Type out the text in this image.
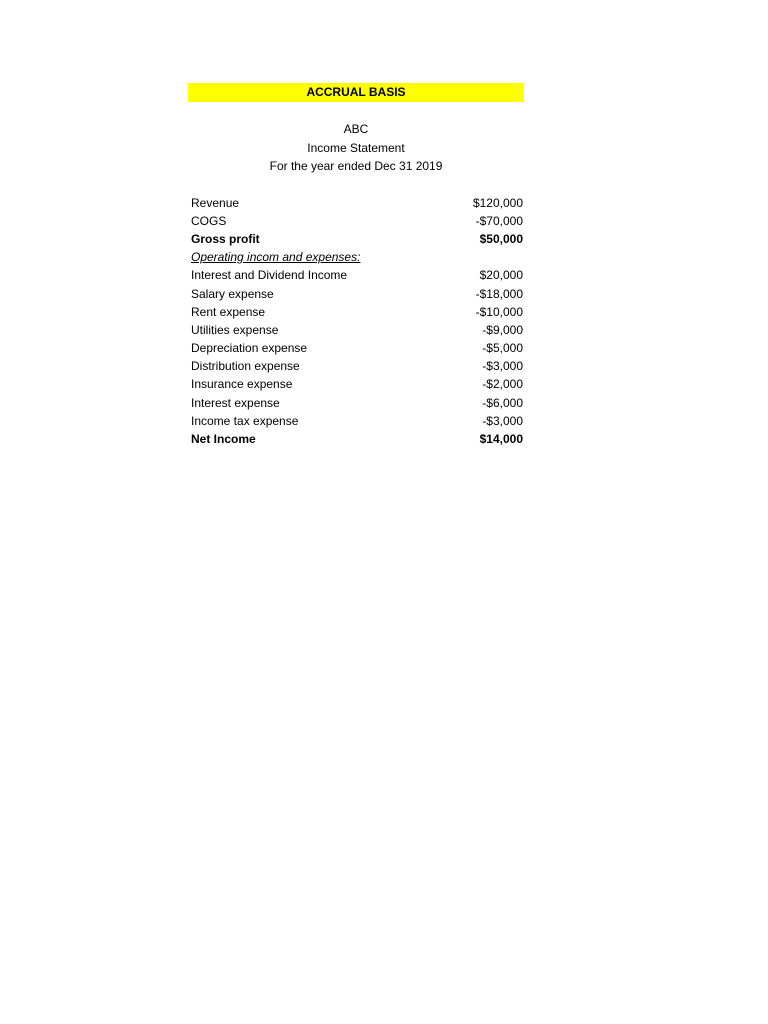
ACCRUAL BASIS
ABC
Income Statement
For the year ended Dec 31 2019
Revenue	$120,000
COGS	-$70,000
Gross profit	$50,000
Operating incom and expenses:
Interest and Dividend Income	$20,000
Salary expense	-$18,000
Rent expense	-$10,000
Utilities expense	-$9,000
Depreciation expense	-$5,000
Distribution expense	-$3,000
Insurance expense	-$2,000
Interest expense	-$6,000
Income tax expense	-$3,000
Net Income	$14,000
